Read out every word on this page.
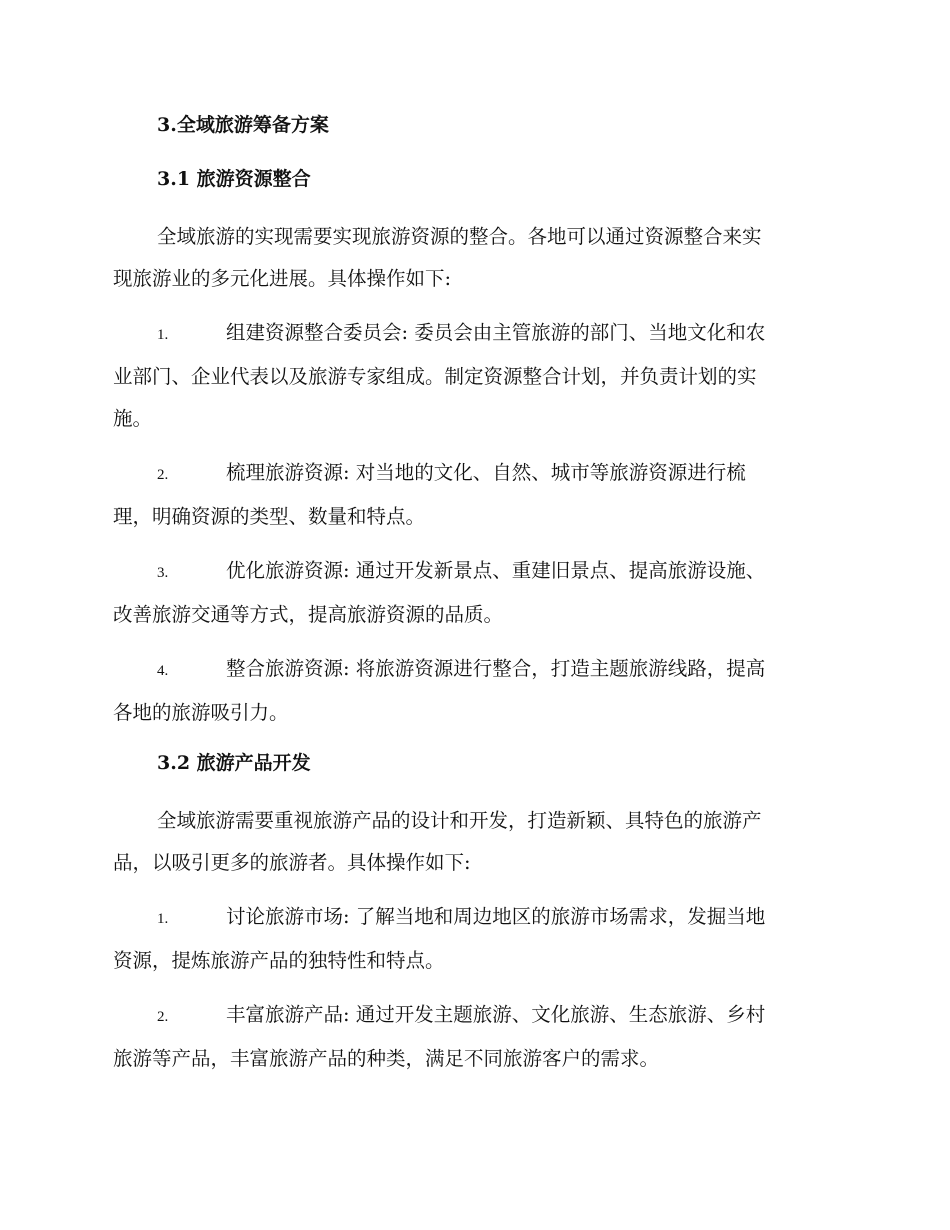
3.全域旅游筹备方案
3.1 旅游资源整合
全域旅游的实现需要实现旅游资源的整合。各地可以通过资源整合来实
现旅游业的多元化进展。具体操作如下:
1.	组建资源整合委员会: 委员会由主管旅游的部门、当地文化和农
业部门、企业代表以及旅游专家组成。制定资源整合计划，并负责计划的实
施。
2.	梳理旅游资源: 对当地的文化、自然、城市等旅游资源进行梳
理，明确资源的类型、数量和特点。
3.	优化旅游资源: 通过开发新景点、重建旧景点、提高旅游设施、
改善旅游交通等方式，提高旅游资源的品质。
4.	整合旅游资源: 将旅游资源进行整合，打造主题旅游线路，提高
各地的旅游吸引力。
3.2 旅游产品开发
全域旅游需要重视旅游产品的设计和开发，打造新颖、具特色的旅游产
品，以吸引更多的旅游者。具体操作如下:
1.	讨论旅游市场: 了解当地和周边地区的旅游市场需求，发掘当地
资源，提炼旅游产品的独特性和特点。
2.	丰富旅游产品: 通过开发主题旅游、文化旅游、生态旅游、乡村
旅游等产品，丰富旅游产品的种类，满足不同旅游客户的需求。
